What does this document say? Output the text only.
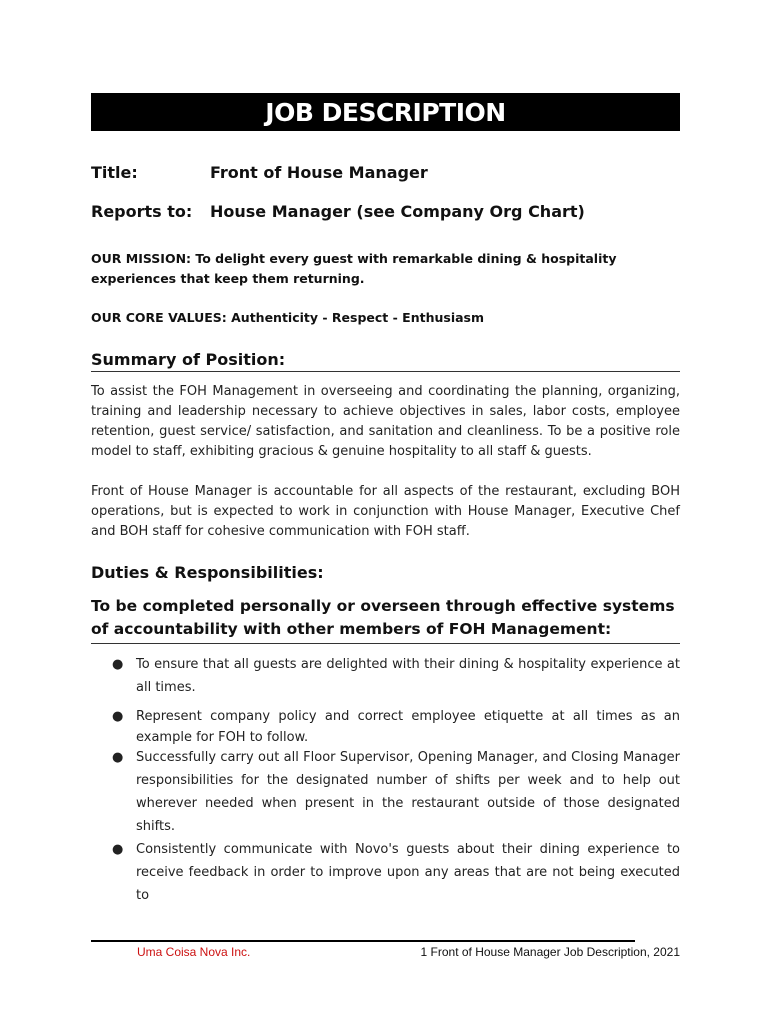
JOB DESCRIPTION
Title:	Front of House Manager
Reports to: House Manager (see Company Org Chart)
OUR MISSION: To delight every guest with remarkable dining & hospitality experiences that keep them returning.
OUR CORE VALUES: Authenticity - Respect - Enthusiasm
Summary of Position:
To assist the FOH Management in overseeing and coordinating the planning, organizing, training and leadership necessary to achieve objectives in sales, labor costs, employee retention, guest service/ satisfaction, and sanitation and cleanliness. To be a positive role model to staff, exhibiting gracious & genuine hospitality to all staff & guests.
Front of House Manager is accountable for all aspects of the restaurant, excluding BOH operations, but is expected to work in conjunction with House Manager, Executive Chef and BOH staff for cohesive communication with FOH staff.
Duties & Responsibilities:
To be completed personally or overseen through effective systems of accountability with other members of FOH Management:
● To ensure that all guests are delighted with their dining & hospitality experience at all times.
● Represent company policy and correct employee etiquette at all times as an example for FOH to follow.
● Successfully carry out all Floor Supervisor, Opening Manager, and Closing Manager responsibilities for the designated number of shifts per week and to help out wherever needed when present in the restaurant outside of those designated shifts.
● Consistently communicate with Novo's guests about their dining experience to receive feedback in order to improve upon any areas that are not being executed to
Uma Coisa Nova Inc.	1 Front of House Manager Job Description, 2021
